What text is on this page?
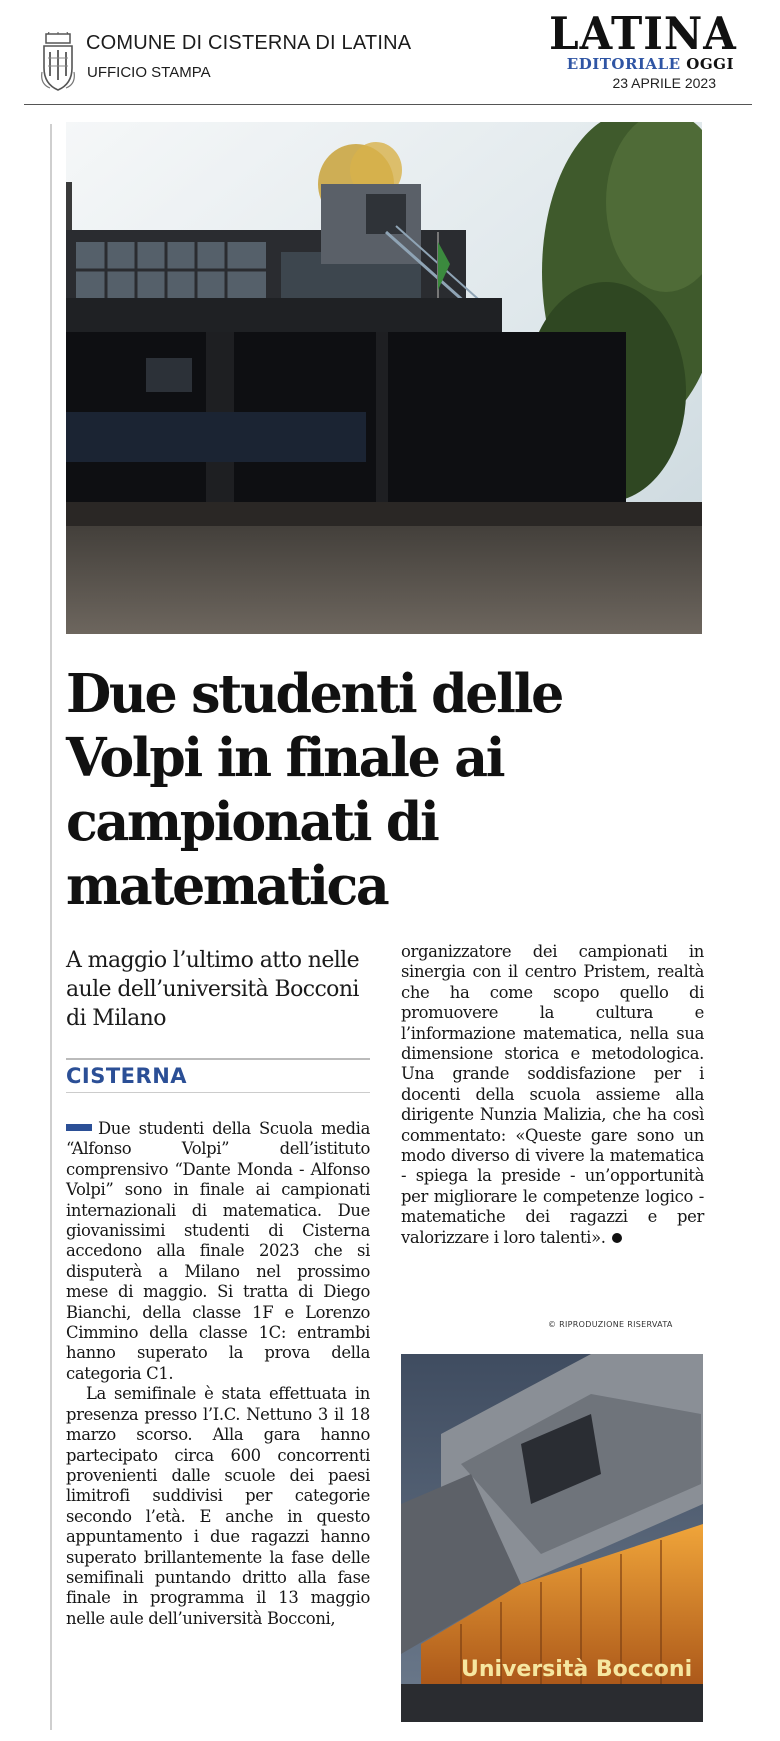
COMUNE DI CISTERNA DI LATINA
UFFICIO STAMPA
LATINA
EDITORIALE OGGI
23 APRILE 2023
Due studenti delle Volpi in finale ai campionati di matematica
A maggio l’ultimo atto nelle aule dell’università Bocconi di Milano
CISTERNA

Due studenti della Scuola media “Alfonso Volpi” dell’istituto comprensivo “Dante Monda - Alfonso Volpi” sono in finale ai campionati internazionali di matematica. Due giovanissimi studenti di Cisterna accedono alla finale 2023 che si disputerà a Milano nel prossimo mese di maggio. Si tratta di Diego Bianchi, della classe 1F e Lorenzo Cimmino della classe 1C: entrambi hanno superato la prova della categoria C1.

La semifinale è stata effettuata in presenza presso l’I.C. Nettuno 3 il 18 marzo scorso. Alla gara hanno partecipato circa 600 concorrenti provenienti dalle scuole dei paesi limitrofi suddivisi per categorie secondo l’età. E anche in questo appuntamento i due ragazzi hanno superato brillantemente la fase delle semifinali puntando dritto alla fase finale in programma il 13 maggio nelle aule dell’università Bocconi,

organizzatore dei campionati in sinergia con il centro Pristem, realtà che ha come scopo quello di promuovere la cultura e l’informazione matematica, nella sua dimensione storica e metodologica. Una grande soddisfazione per i docenti della scuola assieme alla dirigente Nunzia Malizia, che ha così commentato: «Queste gare sono un modo diverso di vivere la matematica - spiega la preside - un’opportunità per migliorare le competenze logico - matematiche dei ragazzi e per valorizzare i loro talenti».

© RIPRODUZIONE RISERVATA
Università Bocconi
